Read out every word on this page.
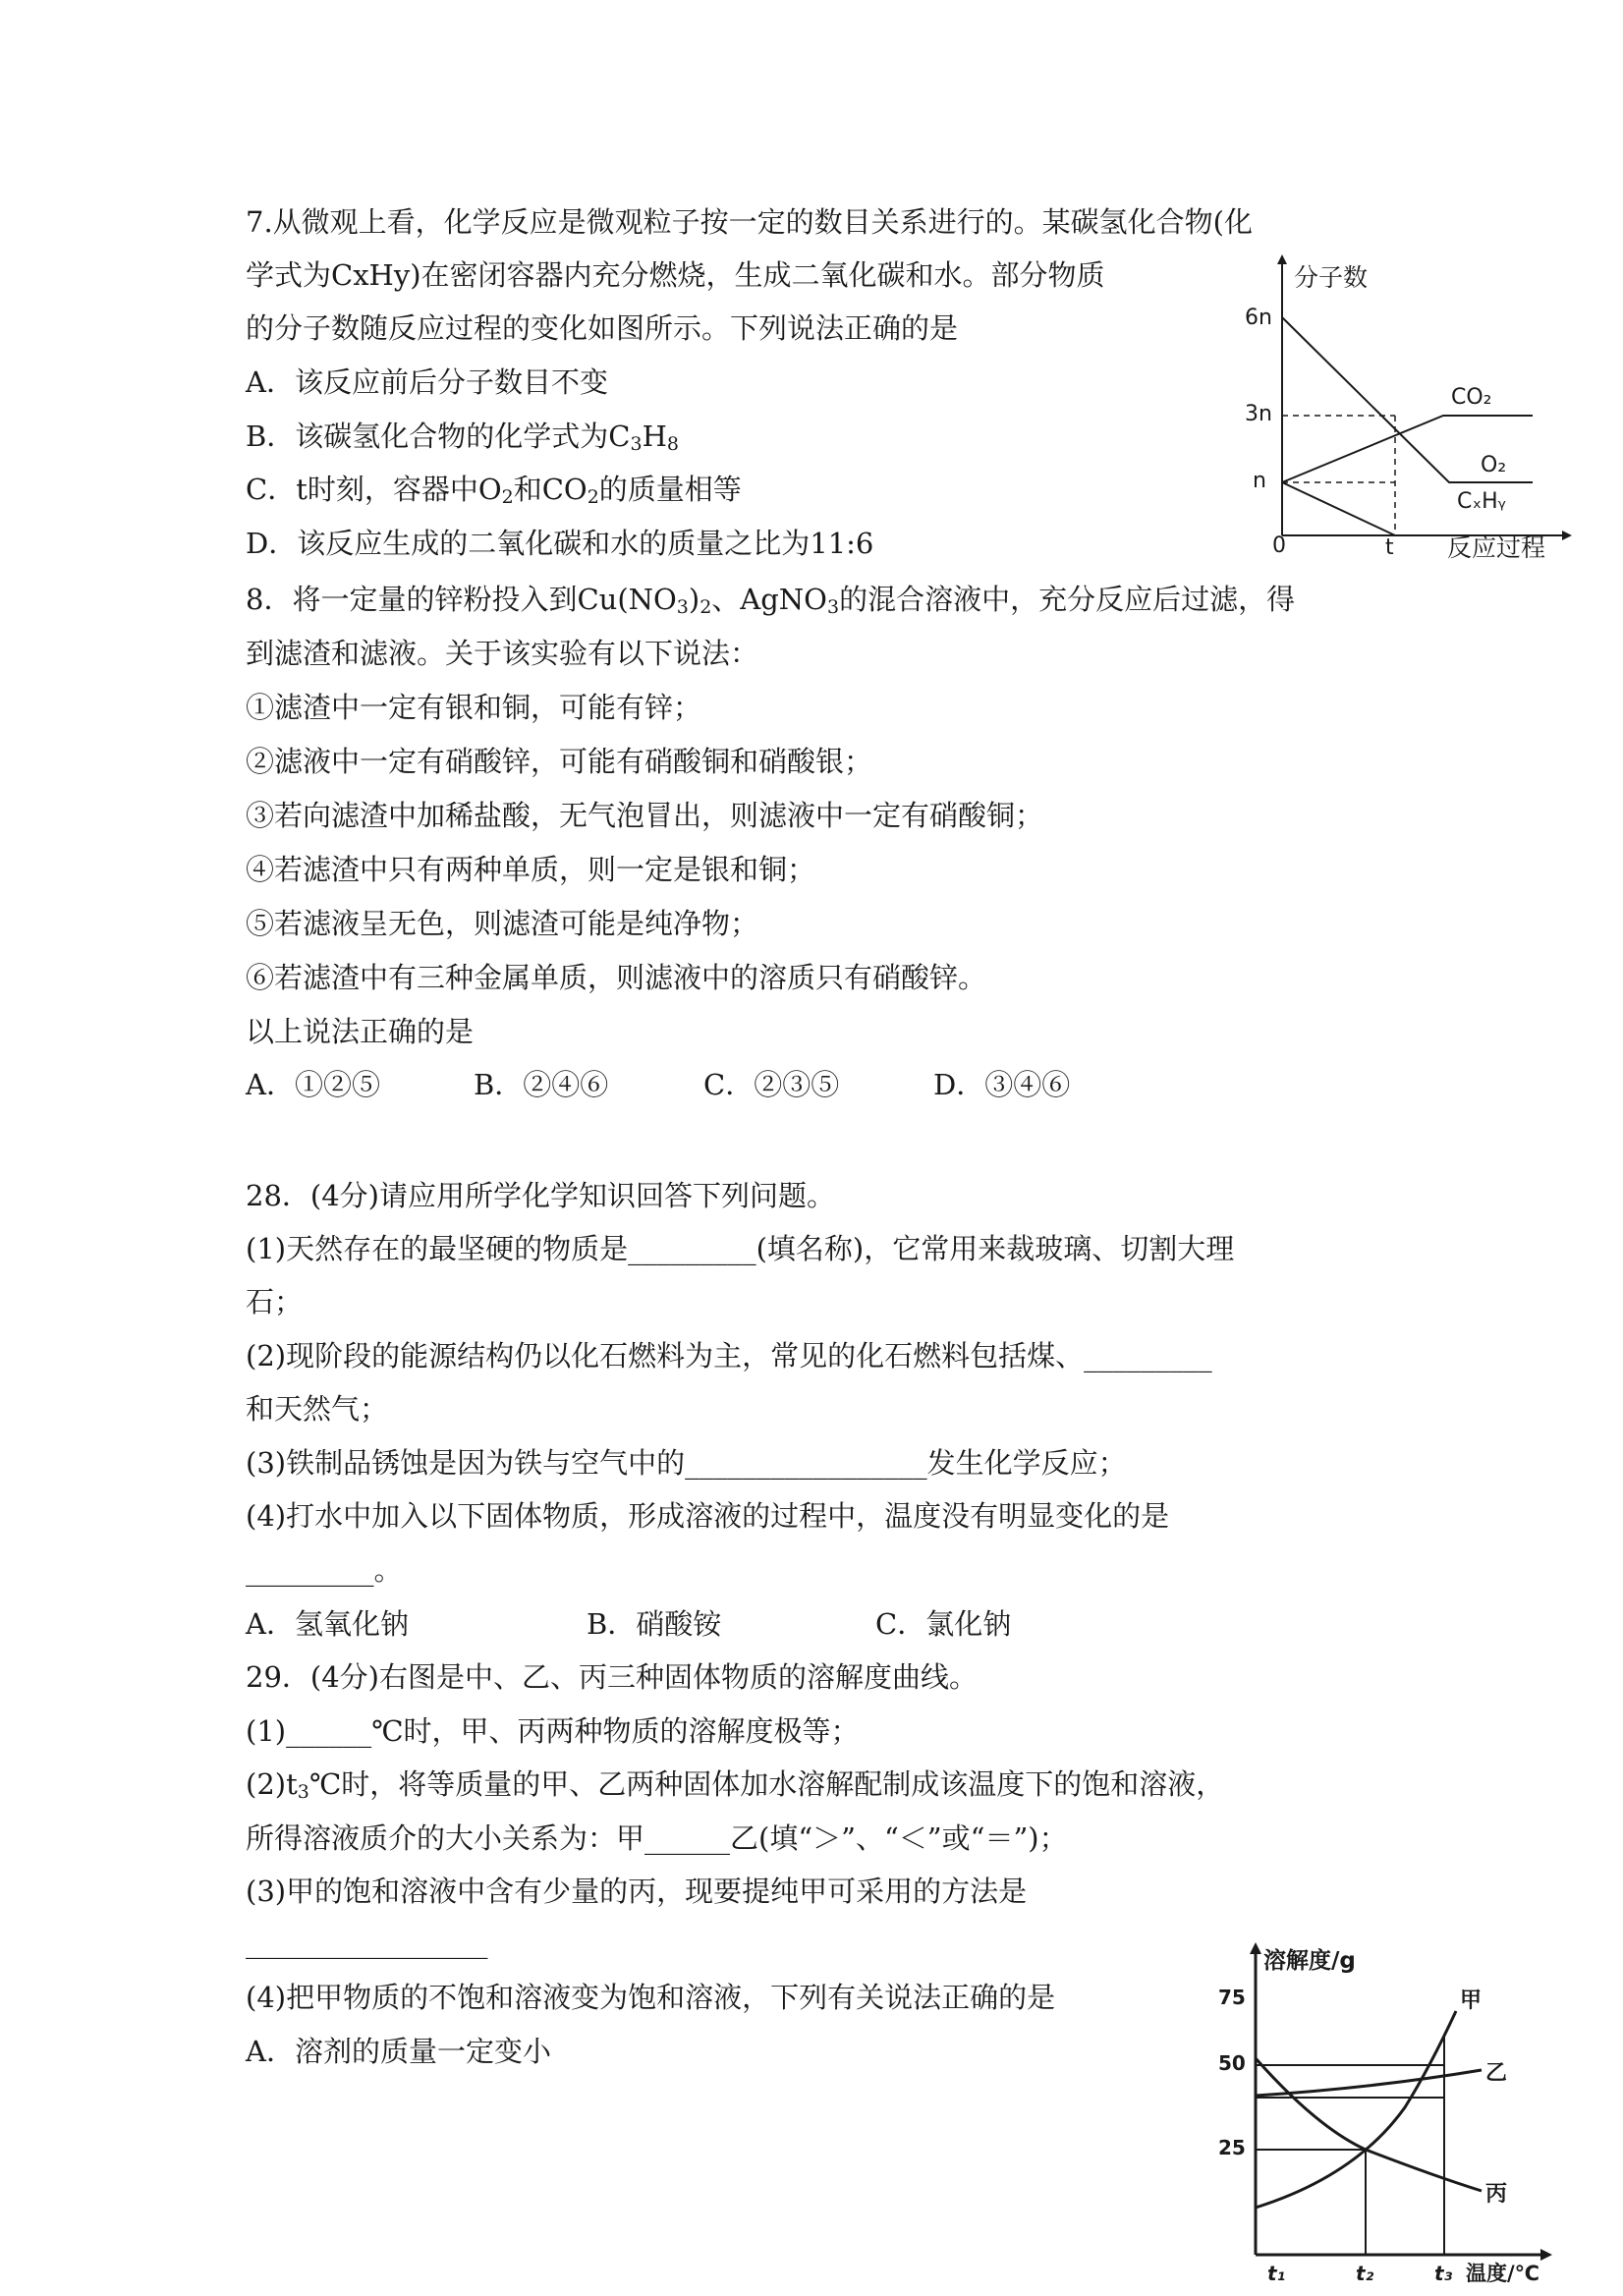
7.从微观上看，化学反应是微观粒子按一定的数目关系进行的。某碳氢化合物(化
学式为CxHy)在密闭容器内充分燃烧，生成二氧化碳和水。部分物质
的分子数随反应过程的变化如图所示。下列说法正确的是
A．该反应前后分子数目不变
B．该碳氢化合物的化学式为$C_3H_8$
C．t时刻，容器中$O_2$和$CO_2$的质量相等
D．该反应生成的二氧化碳和水的质量之比为11:6
分子数
6n
3n
n
0	t 反应过程
CO₂
O₂
CₓHᵧ
8．将一定量的锌粉投入到$Cu(NO_3)_2$、AgNO$_3$的混合溶液中，充分反应后过滤，得
到滤渣和滤液。关于该实验有以下说法：
①滤渣中一定有银和铜，可能有锌；
②滤液中一定有硝酸锌，可能有硝酸铜和硝酸银；
③若向滤渣中加稀盐酸，无气泡冒出，则滤液中一定有硝酸铜；
④若滤渣中只有两种单质，则一定是银和铜；
⑤若滤液呈无色，则滤渣可能是纯净物；
⑥若滤渣中有三种金属单质，则滤液中的溶质只有硝酸锌。
以上说法正确的是
A．①②⑤	B．②④⑥	C．②③⑤	D．③④⑥
28．(4分)请应用所学化学知识回答下列问题。
(1)天然存在的最坚硬的物质是_________(填名称)，它常用来裁玻璃、切割大理
石；
(2)现阶段的能源结构仍以化石燃料为主，常见的化石燃料包括煤、_________
和天然气；
(3)铁制品锈蚀是因为铁与空气中的_________________发生化学反应；
(4)打水中加入以下固体物质，形成溶液的过程中，温度没有明显变化的是
_________。
A．氢氧化钠	B．硝酸铵	C．氯化钠
29．(4分)右图是中、乙、丙三种固体物质的溶解度曲线。
(1)______℃时，甲、丙两种物质的溶解度极等；
$(2)t_3℃$时，将等质量的甲、乙两种固体加水溶解配制成该温度下的饱和溶液，
所得溶液质介的大小关系为：甲______乙(填“＞”、“＜”或“＝”)；
(3)甲的饱和溶液中含有少量的丙，现要提纯甲可采用的方法是
_________________
(4)把甲物质的不饱和溶液变为饱和溶液，下列有关说法正确的是
A．溶剂的质量一定变小
溶解度/g
75
50
25
甲
乙
丙
t₁	t₂	t₃ 温度/℃
